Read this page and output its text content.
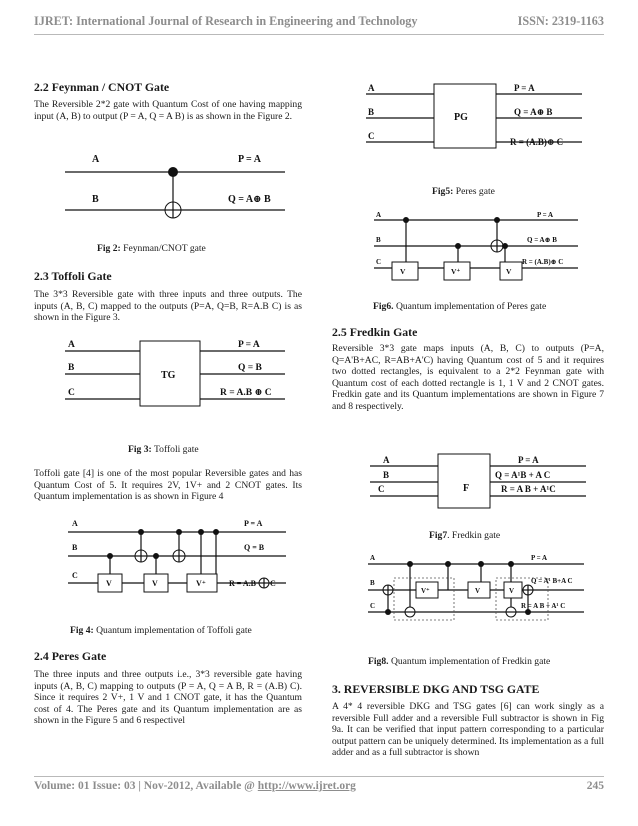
IJRET: International Journal of Research in Engineering and Technology	ISSN: 2319-1163
2.2 Feynman / CNOT Gate
The Reversible 2*2 gate with Quantum Cost of one having mapping input (A, B) to output (P = A, Q = A B) is as shown in the Figure 2.
A
B
P = A
Q = A⊕ B
Fig 2: Feynman/CNOT gate
2.3 Toffoli Gate
The 3*3 Reversible gate with three inputs and three outputs. The inputs (A, B, C) mapped to the outputs (P=A, Q=B, R=A.B C) is as shown in the Figure 3.
A
B
C
TG
P = A
Q = B
R = A.B ⊕ C
Fig 3: Toffoli gate
Toffoli gate [4] is one of the most popular Reversible gates and has Quantum Cost of 5. It requires 2V, 1V+ and 2 CNOT gates. Its Quantum implementation is as shown in Figure 4
A
B
C
V	V	V⁺
P = A
Q = B
R = A.B C
Fig 4: Quantum implementation of Toffoli gate
2.4 Peres Gate
The three inputs and three outputs i.e., 3*3 reversible gate having inputs (A, B, C) mapping to outputs (P = A, Q = A B, R = (A.B) C). Since it requires 2 V+, 1 V and 1 CNOT gate, it has the Quantum cost of 4. The Peres gate and its Quantum implementation are as shown in the Figure 5 and 6 respectivel
A
B
C
PG
P = A
Q = A⊕ B
R = (A.B)⊕ C
Fig5: Peres gate
A
B
C
V	V⁺	V
P = A
Q = A⊕ B
R = (A.B)⊕ C
Fig6. Quantum implementation of Peres gate
2.5 Fredkin Gate
Reversible 3*3 gate maps inputs (A, B, C) to outputs (P=A, Q=A'B+AC, R=AB+A'C) having Quantum cost of 5 and it requires two dotted rectangles, is equivalent to a 2*2 Feynman gate with Quantum cost of each dotted rectangle is 1, 1 V and 2 CNOT gates. Fredkin gate and its Quantum implementations are shown in Figure 7 and 8 respectively.
A
B
C	F
P = A
Q = A¹B + A C
R = A B + A¹C
Fig7. Fredkin gate
A
B
C
V⁺	V	V
P = A
Q = A¹ B+A C
R = A B + A¹ C
Fig8. Quantum implementation of Fredkin gate
3. REVERSIBLE DKG AND TSG GATE
A 4* 4 reversible DKG and TSG gates [6] can work singly as a reversible Full adder and a reversible Full subtractor is shown in Fig 9a. It can be verified that input pattern corresponding to a particular output pattern can be uniquely determined. Its implementation as a full adder and as a full subtractor is shown
Volume: 01 Issue: 03 | Nov-2012, Available @ http://www.ijret.org	245
